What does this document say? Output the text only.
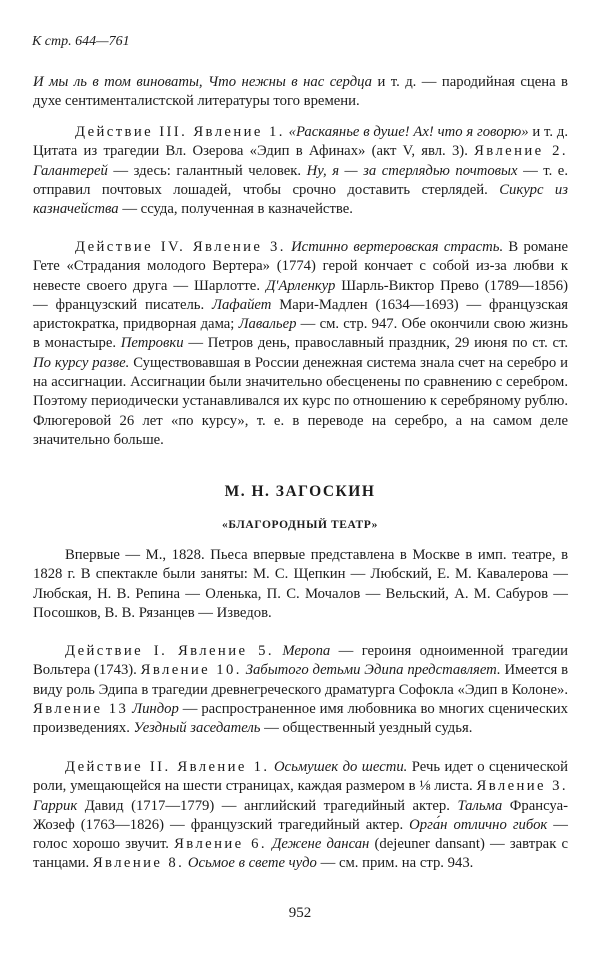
К стр. 644—761
И мы ль в том виноваты, Что нежны в нас сердца и т. д. — пародийная сцена в духе сентименталистской литературы того времени.
Действие III. Явление 1. «Раскаянье в душе! Ах! что я говорю» и т. д. Цитата из трагедии Вл. Озерова «Эдип в Афинах» (акт V, явл. 3). Явление 2. Галантерей — здесь: галантный человек. Ну, я — за стерлядью почтовых — т. е. отправил почтовых лошадей, чтобы срочно доставить стерлядей. Сикурс из казначейства — ссуда, полученная в казначействе.
Действие IV. Явление 3. Истинно вертеровская страсть. В романе Гете «Страдания молодого Вертера» (1774) герой кончает с собой из-за любви к невесте своего друга — Шарлотте. Д'Арленкур Шарль-Виктор Прево (1789—1856) — французский писатель. Лафайет Мари-Мадлен (1634—1693) — французская аристократка, придворная дама; Лавальер — см. стр. 947. Обе окончили свою жизнь в монастыре. Петровки — Петров день, православный праздник, 29 июня по ст. ст. По курсу разве. Существовавшая в России денежная система знала счет на серебро и на ассигнации. Ассигнации были значительно обесценены по сравнению с серебром. Поэтому периодически устанавливался их курс по отношению к серебряному рублю. Флюгеровой 26 лет «по курсу», т. е. в переводе на серебро, а на самом деле значительно больше.
М. Н. ЗАГОСКИН
«БЛАГОРОДНЫЙ ТЕАТР»
Впервые — М., 1828. Пьеса впервые представлена в Москве в имп. театре, в 1828 г. В спектакле были заняты: М. С. Щепкин — Любский, Е. М. Кавалерова — Любская, Н. В. Репина — Оленька, П. С. Мочалов — Вельский, А. М. Сабуров — Посошков, В. В. Рязанцев — Изведов.
Действие I. Явление 5. Меропа — героиня одноименной трагедии Вольтера (1743). Явление 10. Забытого детьми Эдипа представляет. Имеется в виду роль Эдипа в трагедии древнегреческого драматурга Софокла «Эдип в Колоне». Явление 13 Линдор — распространенное имя любовника во многих сценических произведениях. Уездный заседатель — общественный уездный судья.
Действие II. Явление 1. Осьмушек до шести. Речь идет о сценической роли, умещающейся на шести страницах, каждая размером в ⅛ листа. Явление 3. Гаррик Давид (1717—1779) — английский трагедийный актер. Тальма Франсуа-Жозеф (1763—1826) — французский трагедийный актер. Орга́н отлично гибок — голос хорошо звучит. Явление 6. Дежене дансан (dejeuner dansant) — завтрак с танцами. Явление 8. Осьмое в свете чудо — см. прим. на стр. 943.
952
